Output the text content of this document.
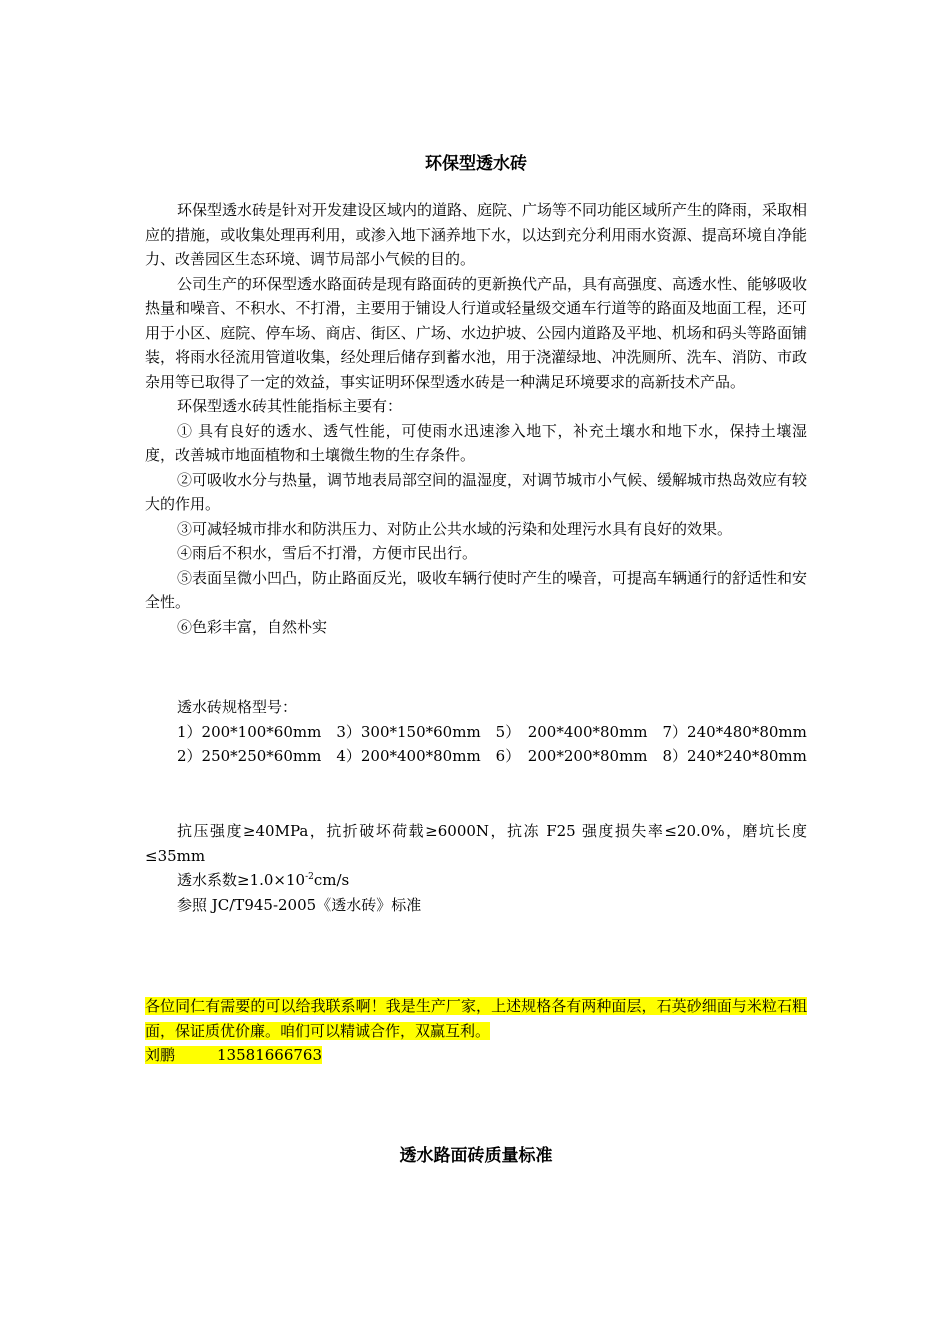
环保型透水砖

环保型透水砖是针对开发建设区域内的道路、庭院、广场等不同功能区域所产生的降雨，采取相应的措施，或收集处理再利用，或渗入地下涵养地下水，以达到充分利用雨水资源、提高环境自净能力、改善园区生态环境、调节局部小气候的目的。

公司生产的环保型透水路面砖是现有路面砖的更新换代产品，具有高强度、高透水性、能够吸收热量和噪音、不积水、不打滑，主要用于铺设人行道或轻量级交通车行道等的路面及地面工程，还可用于小区、庭院、停车场、商店、街区、广场、水边护坡、公园内道路及平地、机场和码头等路面铺装，将雨水径流用管道收集，经处理后储存到蓄水池，用于浇灌绿地、冲洗厕所、洗车、消防、市政杂用等已取得了一定的效益，事实证明环保型透水砖是一种满足环境要求的高新技术产品。

环保型透水砖其性能指标主要有：

① 具有良好的透水、透气性能，可使雨水迅速渗入地下，补充土壤水和地下水，保持土壤湿度，改善城市地面植物和土壤微生物的生存条件。

②可吸收水分与热量，调节地表局部空间的温湿度，对调节城市小气候、缓解城市热岛效应有较大的作用。

③可减轻城市排水和防洪压力、对防止公共水域的污染和处理污水具有良好的效果。

④雨后不积水，雪后不打滑，方便市民出行。

⑤表面呈微小凹凸，防止路面反光，吸收车辆行使时产生的噪音，可提高车辆通行的舒适性和安全性。

⑥色彩丰富，自然朴实

透水砖规格型号：

1）200*100*60mm　3）300*150*60mm　5）　200*400*80mm　7）240*480*80mm

2）250*250*60mm　4）200*400*80mm　6）　200*200*80mm　8）240*240*80mm

抗压强度≥40MPa，抗折破坏荷载≥6000N，抗冻 F25 强度损失率≤20.0%，磨坑长度≤35mm

透水系数$\ge 1.0\times 10^{-2}cm/s$

参照 JC/T945-2005《透水砖》标准

各位同仁有需要的可以给我联系啊！我是生产厂家，上述规格各有两种面层，石英砂细面与米粒石粗面，保证质优价廉。咱们可以精诚合作，双赢互利。

刘鹏	13581666763

透水路面砖质量标准
